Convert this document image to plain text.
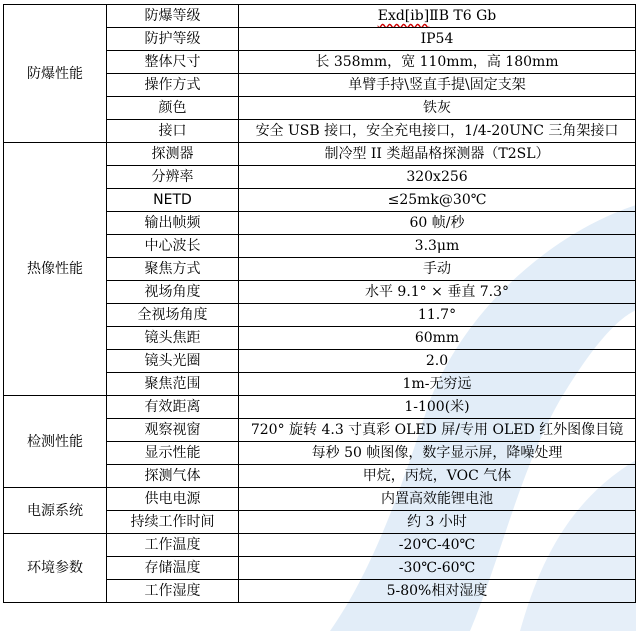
防爆性能	防爆等级	Exd[ib]ⅡB T6 Gb
	防护等级	IP54
	整体尺寸	长 358mm，宽 110mm，高 180mm
	操作方式	单臂手持\竖直手提\固定支架
	颜色	铁灰
	接口	安全 USB 接口，安全充电接口，1/4-20UNC 三角架接口
热像性能	探测器	制冷型 II 类超晶格探测器（T2SL）
	分辨率	320x256
	NETD	≤25mk@30℃
	输出帧频	60 帧/秒
	中心波长	3.3μm
	聚焦方式	手动
	视场角度	水平 9.1° × 垂直 7.3°
	全视场角度	11.7°
	镜头焦距	60mm
	镜头光圈	2.0
	聚焦范围	1m-无穷远
检测性能	有效距离	1-100(米)
	观察视窗	720° 旋转 4.3 寸真彩 OLED 屏/专用 OLED 红外图像目镜
	显示性能	每秒 50 帧图像，数字显示屏，降噪处理
	探测气体	甲烷，丙烷，VOC 气体
电源系统	供电电源	内置高效能锂电池
	持续工作时间	约 3 小时
环境参数	工作温度	-20℃-40℃
	存储温度	-30℃-60℃
	工作湿度	5-80%相对湿度
